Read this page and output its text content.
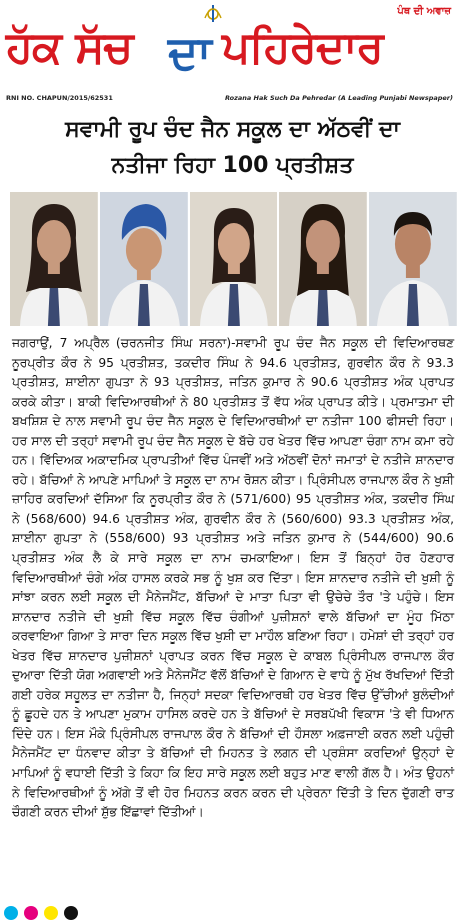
ਹੱਕ ਸੱਚ ਦਾ ਪਹਿਰੇਦਾਰ
ਪੰਥ ਦੀ ਅਵਾਜ਼
RNI NO. CHAPUN/2015/62531	Rozana Hak Such Da Pehredar (A Leading Punjabi Newspaper)
ਸਵਾਮੀ ਰੂਪ ਚੰਦ ਜੈਨ ਸਕੂਲ ਦਾ ਅੱਠਵੀਂ ਦਾ
ਨਤੀਜਾ ਰਿਹਾ 100 ਪ੍ਰਤੀਸ਼ਤ
ਜਗਰਾਉਂ, 7 ਅਪ੍ਰੈਲ (ਚਰਨਜੀਤ ਸਿੰਘ ਸਰਨਾ)-ਸਵਾਮੀ ਰੂਪ ਚੰਦ ਜੈਨ ਸਕੂਲ ਦੀ ਵਿਦਿਆਰਥਣ ਨੂਰਪ੍ਰੀਤ ਕੌਰ ਨੇ 95 ਪ੍ਰਤੀਸ਼ਤ, ਤਕਦੀਰ ਸਿੰਘ ਨੇ 94.6 ਪ੍ਰਤੀਸ਼ਤ, ਗੁਰਵੀਨ ਕੌਰ ਨੇ 93.3 ਪ੍ਰਤੀਸ਼ਤ, ਸ਼ਾਈਨਾ ਗੁਪਤਾ ਨੇ 93 ਪ੍ਰਤੀਸ਼ਤ, ਜਤਿਨ ਕੁਮਾਰ ਨੇ 90.6 ਪ੍ਰਤੀਸ਼ਤ ਅੰਕ ਪ੍ਰਾਪਤ ਕਰਕੇ ਕੀਤਾ। ਬਾਕੀ ਵਿਦਿਆਰਥੀਆਂ ਨੇ 80 ਪ੍ਰਤੀਸ਼ਤ ਤੋਂ ਵੱਧ ਅੰਕ ਪ੍ਰਾਪਤ ਕੀਤੇ। ਪ੍ਰਮਾਤਮਾ ਦੀ ਬਖਸ਼ਿਸ਼ ਦੇ ਨਾਲ ਸਵਾਮੀ ਰੂਪ ਚੰਦ ਜੈਨ ਸਕੂਲ ਦੇ ਵਿਦਿਆਰਥੀਆਂ ਦਾ ਨਤੀਜਾ 100 ਫੀਸਦੀ ਰਿਹਾ। ਹਰ ਸਾਲ ਦੀ ਤਰ੍ਹਾਂ ਸਵਾਮੀ ਰੂਪ ਚੰਦ ਜੈਨ ਸਕੂਲ ਦੇ ਬੱਚੇ ਹਰ ਖੇਤਰ ਵਿੱਚ ਆਪਣਾ ਚੰਗਾ ਨਾਮ ਕਮਾ ਰਹੇ ਹਨ। ਵਿੱਦਿਅਕ ਅਕਾਦਮਿਕ ਪ੍ਰਾਪਤੀਆਂ ਵਿੱਚ ਪੰਜਵੀਂ ਅਤੇ ਅੱਠਵੀਂ ਦੋਨਾਂ ਜਮਾਤਾਂ ਦੇ ਨਤੀਜੇ ਸ਼ਾਨਦਾਰ ਰਹੇ। ਬੱਚਿਆਂ ਨੇ ਆਪਣੇ ਮਾਪਿਆਂ ਤੇ ਸਕੂਲ ਦਾ ਨਾਮ ਰੋਸ਼ਨ ਕੀਤਾ। ਪ੍ਰਿੰਸੀਪਲ ਰਾਜਪਾਲ ਕੌਰ ਨੇ ਖੁਸ਼ੀ ਜ਼ਾਹਿਰ ਕਰਦਿਆਂ ਦੱਸਿਆ ਕਿ ਨੂਰਪ੍ਰੀਤ ਕੌਰ ਨੇ (571/600) 95 ਪ੍ਰਤੀਸ਼ਤ ਅੰਕ, ਤਕਦੀਰ ਸਿੰਘ ਨੇ (568/600) 94.6 ਪ੍ਰਤੀਸ਼ਤ ਅੰਕ, ਗੁਰਵੀਨ ਕੌਰ ਨੇ (560/600) 93.3 ਪ੍ਰਤੀਸ਼ਤ ਅੰਕ, ਸ਼ਾਈਨਾ ਗੁਪਤਾ ਨੇ (558/600) 93 ਪ੍ਰਤੀਸ਼ਤ ਅਤੇ ਜਤਿਨ ਕੁਮਾਰ ਨੇ (544/600) 90.6 ਪ੍ਰਤੀਸ਼ਤ ਅੰਕ ਲੈ ਕੇ ਸਾਰੇ ਸਕੂਲ ਦਾ ਨਾਮ ਚਮਕਾਇਆ। ਇਸ ਤੋਂ ਬਿਨ੍ਹਾਂ ਹੋਰ ਹੋਣਹਾਰ ਵਿਦਿਆਰਥੀਆਂ ਚੰਗੇ ਅੰਕ ਹਾਸਲ ਕਰਕੇ ਸਭ ਨੂੰ ਖੁਸ਼ ਕਰ ਦਿੱਤਾ। ਇਸ ਸ਼ਾਨਦਾਰ ਨਤੀਜੇ ਦੀ ਖੁਸ਼ੀ ਨੂੰ ਸਾਂਝਾ ਕਰਨ ਲਈ ਸਕੂਲ ਦੀ ਮੈਨੇਜਮੈਂਟ, ਬੱਚਿਆਂ ਦੇ ਮਾਤਾ ਪਿਤਾ ਵੀ ਉਚੇਚੇ ਤੌਰ 'ਤੇ ਪਹੁੰਚੇ। ਇਸ ਸ਼ਾਨਦਾਰ ਨਤੀਜੇ ਦੀ ਖੁਸ਼ੀ ਵਿੱਚ ਸਕੂਲ ਵਿੱਚ ਚੰਗੀਆਂ ਪੁਜ਼ੀਸ਼ਨਾਂ ਵਾਲੇ ਬੱਚਿਆਂ ਦਾ ਮੂੰਹ ਮਿੱਠਾ ਕਰਵਾਇਆ ਗਿਆ ਤੇ ਸਾਰਾ ਦਿਨ ਸਕੂਲ ਵਿੱਚ ਖੁਸ਼ੀ ਦਾ ਮਾਹੌਲ ਬਣਿਆ ਰਿਹਾ। ਹਮੇਸ਼ਾਂ ਦੀ ਤਰ੍ਹਾਂ ਹਰ ਖੇਤਰ ਵਿੱਚ ਸ਼ਾਨਦਾਰ ਪੁਜ਼ੀਸ਼ਨਾਂ ਪ੍ਰਾਪਤ ਕਰਨ ਵਿੱਚ ਸਕੂਲ ਦੇ ਕਾਬਲ ਪ੍ਰਿੰਸੀਪਲ ਰਾਜਪਾਲ ਕੌਰ ਦੁਆਰਾ ਦਿੱਤੀ ਯੋਗ ਅਗਵਾਈ ਅਤੇ ਮੈਨੇਜਮੈਂਟ ਵੱਲੋਂ ਬੱਚਿਆਂ ਦੇ ਗਿਆਨ ਦੇ ਵਾਧੇ ਨੂੰ ਮੁੱਖ ਰੱਖਦਿਆਂ ਦਿੱਤੀ ਗਈ ਹਰੇਕ ਸਹੂਲਤ ਦਾ ਨਤੀਜਾ ਹੈ, ਜਿਨ੍ਹਾਂ ਸਦਕਾ ਵਿਦਿਆਰਥੀ ਹਰ ਖੇਤਰ ਵਿੱਚ ਉੱਚੀਆਂ ਬੁਲੰਦੀਆਂ ਨੂੰ ਛੂਹਦੇ ਹਨ ਤੇ ਆਪਣਾ ਮੁਕਾਮ ਹਾਸਿਲ ਕਰਦੇ ਹਨ ਤੇ ਬੱਚਿਆਂ ਦੇ ਸਰਬਪੱਖੀ ਵਿਕਾਸ 'ਤੇ ਵੀ ਧਿਆਨ ਦਿੰਦੇ ਹਨ। ਇਸ ਮੌਕੇ ਪ੍ਰਿੰਸੀਪਲ ਰਾਜਪਾਲ ਕੌਰ ਨੇ ਬੱਚਿਆਂ ਦੀ ਹੌਸਲਾ ਅਫ਼ਜਾਈ ਕਰਨ ਲਈ ਪਹੁੰਚੀ ਮੈਨੇਜਮੈਂਟ ਦਾ ਧੰਨਵਾਦ ਕੀਤਾ ਤੇ ਬੱਚਿਆਂ ਦੀ ਮਿਹਨਤ ਤੇ ਲਗਨ ਦੀ ਪ੍ਰਸ਼ੰਸਾ ਕਰਦਿਆਂ ਉਨ੍ਹਾਂ ਦੇ ਮਾਪਿਆਂ ਨੂੰ ਵਧਾਈ ਦਿੱਤੀ ਤੇ ਕਿਹਾ ਕਿ ਇਹ ਸਾਰੇ ਸਕੂਲ ਲਈ ਬਹੁਤ ਮਾਣ ਵਾਲੀ ਗੱਲ ਹੈ। ਅੰਤ ਉਹਨਾਂ ਨੇ ਵਿਦਿਆਰਥੀਆਂ ਨੂੰ ਅੱਗੇ ਤੋਂ ਵੀ ਹੋਰ ਮਿਹਨਤ ਕਰਨ ਕਰਨ ਦੀ ਪ੍ਰੇਰਨਾ ਦਿੱਤੀ ਤੇ ਦਿਨ ਦੁੱਗਣੀ ਰਾਤ ਚੌਗਣੀ ਕਰਨ ਦੀਆਂ ਸ਼ੁੱਭ ਇੱਛਾਵਾਂ ਦਿੱਤੀਆਂ।
